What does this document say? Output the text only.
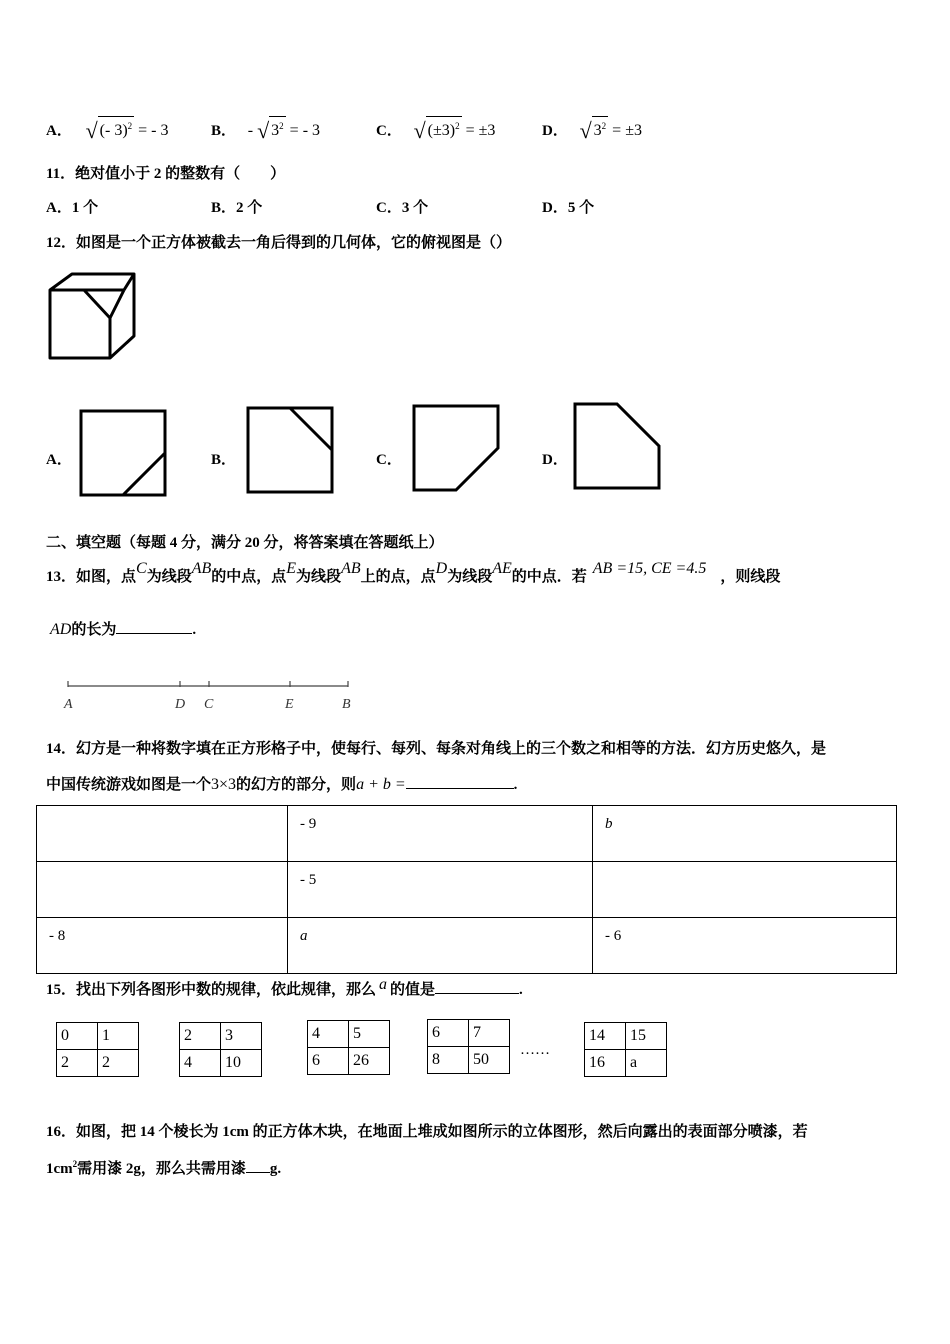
A． √ (- 3)$^2$ = - 3	B． - √ $3^2$ = - 3	C． √ $(\pm 3)^2 = \pm 3$	D． √ $3^2 = \pm 3$
11．绝对值小于 2 的整数有（　　）
A．1 个	B．2 个	C．3 个	D．5 个
12．如图是一个正方体被截去一角后得到的几何体，它的俯视图是（）
A．	B．	C．	D．
二、填空题（每题 4 分，满分 20 分，将答案填在答题纸上）
13．如图，点C为线段AB的中点，点E为线段AB上的点，点D为线段AE的中点．若 AB =15, CE =4.5 ，则线段
AD的长为	.
A	D C	E	B
14．幻方是一种将数字填在正方形格子中，使每行、每列、每条对角线上的三个数之和相等的方法．幻方历史悠久，是
中国传统游戏如图是一个3×3的幻方的部分，则a + b =	.
	- 9	b
	- 5	
- 8	a	- 6
15．找出下列各图形中数的规律，依此规律，那么 a 的值是	.
0	1
2	2
2	3
4	10
4	5
6	26
6	7
8	50
……
14	15
16	a
16．如图，把 14 个棱长为 1cm 的正方体木块，在地面上堆成如图所示的立体图形，然后向露出的表面部分喷漆，若
$1cm^2$需用漆 2g，那么共需用漆 g.
